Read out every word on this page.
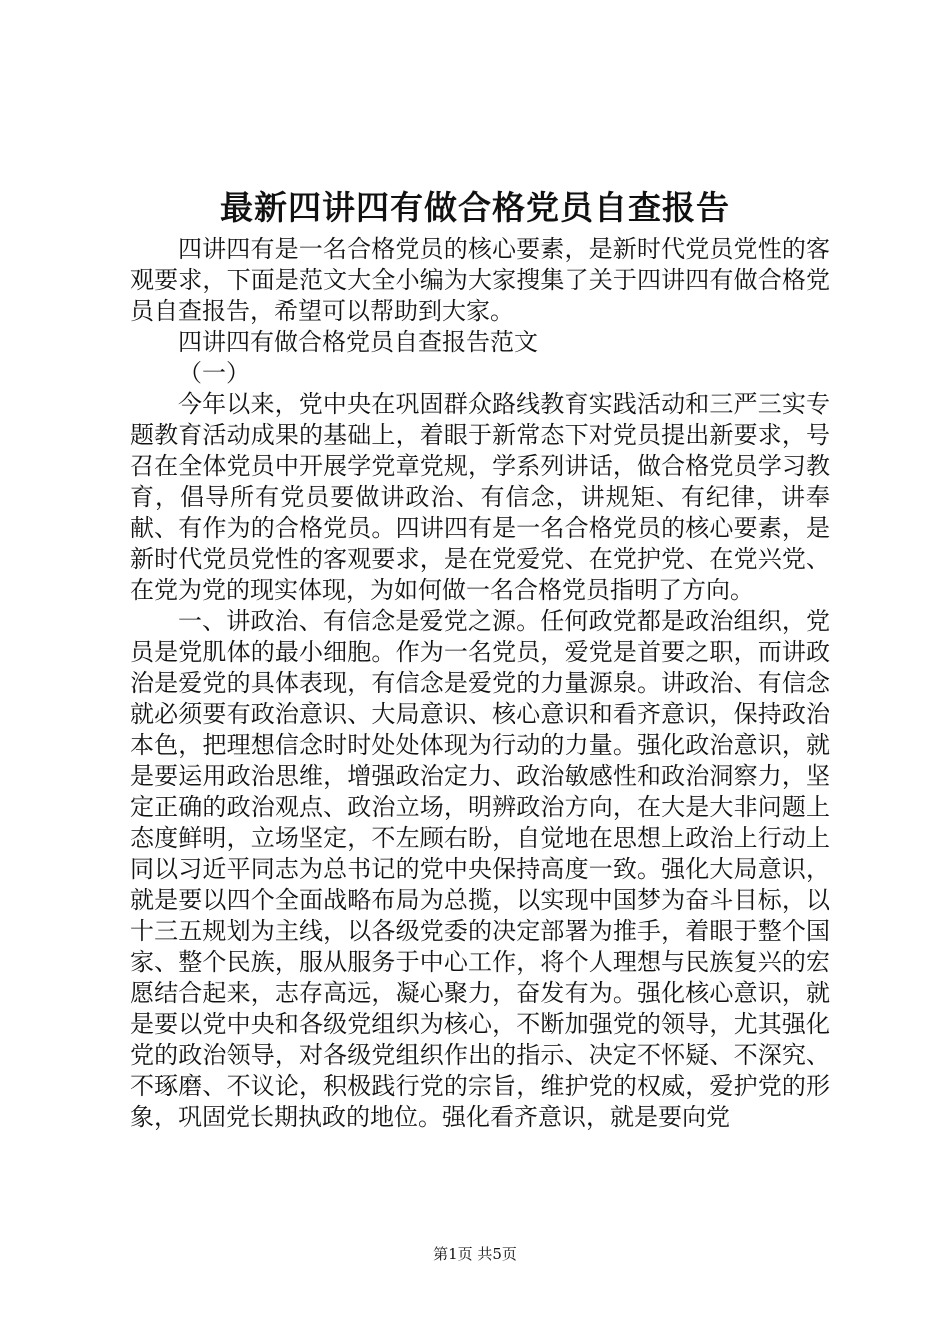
最新四讲四有做合格党员自查报告

四讲四有是一名合格党员的核心要素，是新时代党员党性的客观要求，下面是范文大全小编为大家搜集了关于四讲四有做合格党员自查报告，希望可以帮助到大家。

四讲四有做合格党员自查报告范文

（一）

今年以来，党中央在巩固群众路线教育实践活动和三严三实专题教育活动成果的基础上，着眼于新常态下对党员提出新要求，号召在全体党员中开展学党章党规，学系列讲话，做合格党员学习教育，倡导所有党员要做讲政治、有信念，讲规矩、有纪律，讲奉献、有作为的合格党员。四讲四有是一名合格党员的核心要素，是新时代党员党性的客观要求，是在党爱党、在党护党、在党兴党、在党为党的现实体现，为如何做一名合格党员指明了方向。

一、讲政治、有信念是爱党之源。任何政党都是政治组织，党员是党肌体的最小细胞。作为一名党员，爱党是首要之职，而讲政治是爱党的具体表现，有信念是爱党的力量源泉。讲政治、有信念就必须要有政治意识、大局意识、核心意识和看齐意识，保持政治本色，把理想信念时时处处体现为行动的力量。强化政治意识，就是要运用政治思维，增强政治定力、政治敏感性和政治洞察力，坚定正确的政治观点、政治立场，明辨政治方向，在大是大非问题上态度鲜明，立场坚定，不左顾右盼，自觉地在思想上政治上行动上同以习近平同志为总书记的党中央保持高度一致。强化大局意识，就是要以四个全面战略布局为总揽，以实现中国梦为奋斗目标，以十三五规划为主线，以各级党委的决定部署为推手，着眼于整个国家、整个民族，服从服务于中心工作，将个人理想与民族复兴的宏愿结合起来，志存高远，凝心聚力，奋发有为。强化核心意识，就是要以党中央和各级党组织为核心，不断加强党的领导，尤其强化党的政治领导，对各级党组织作出的指示、决定不怀疑、不深究、不琢磨、不议论，积极践行党的宗旨，维护党的权威，爱护党的形象，巩固党长期执政的地位。强化看齐意识，就是要向党

第1页 共5页
